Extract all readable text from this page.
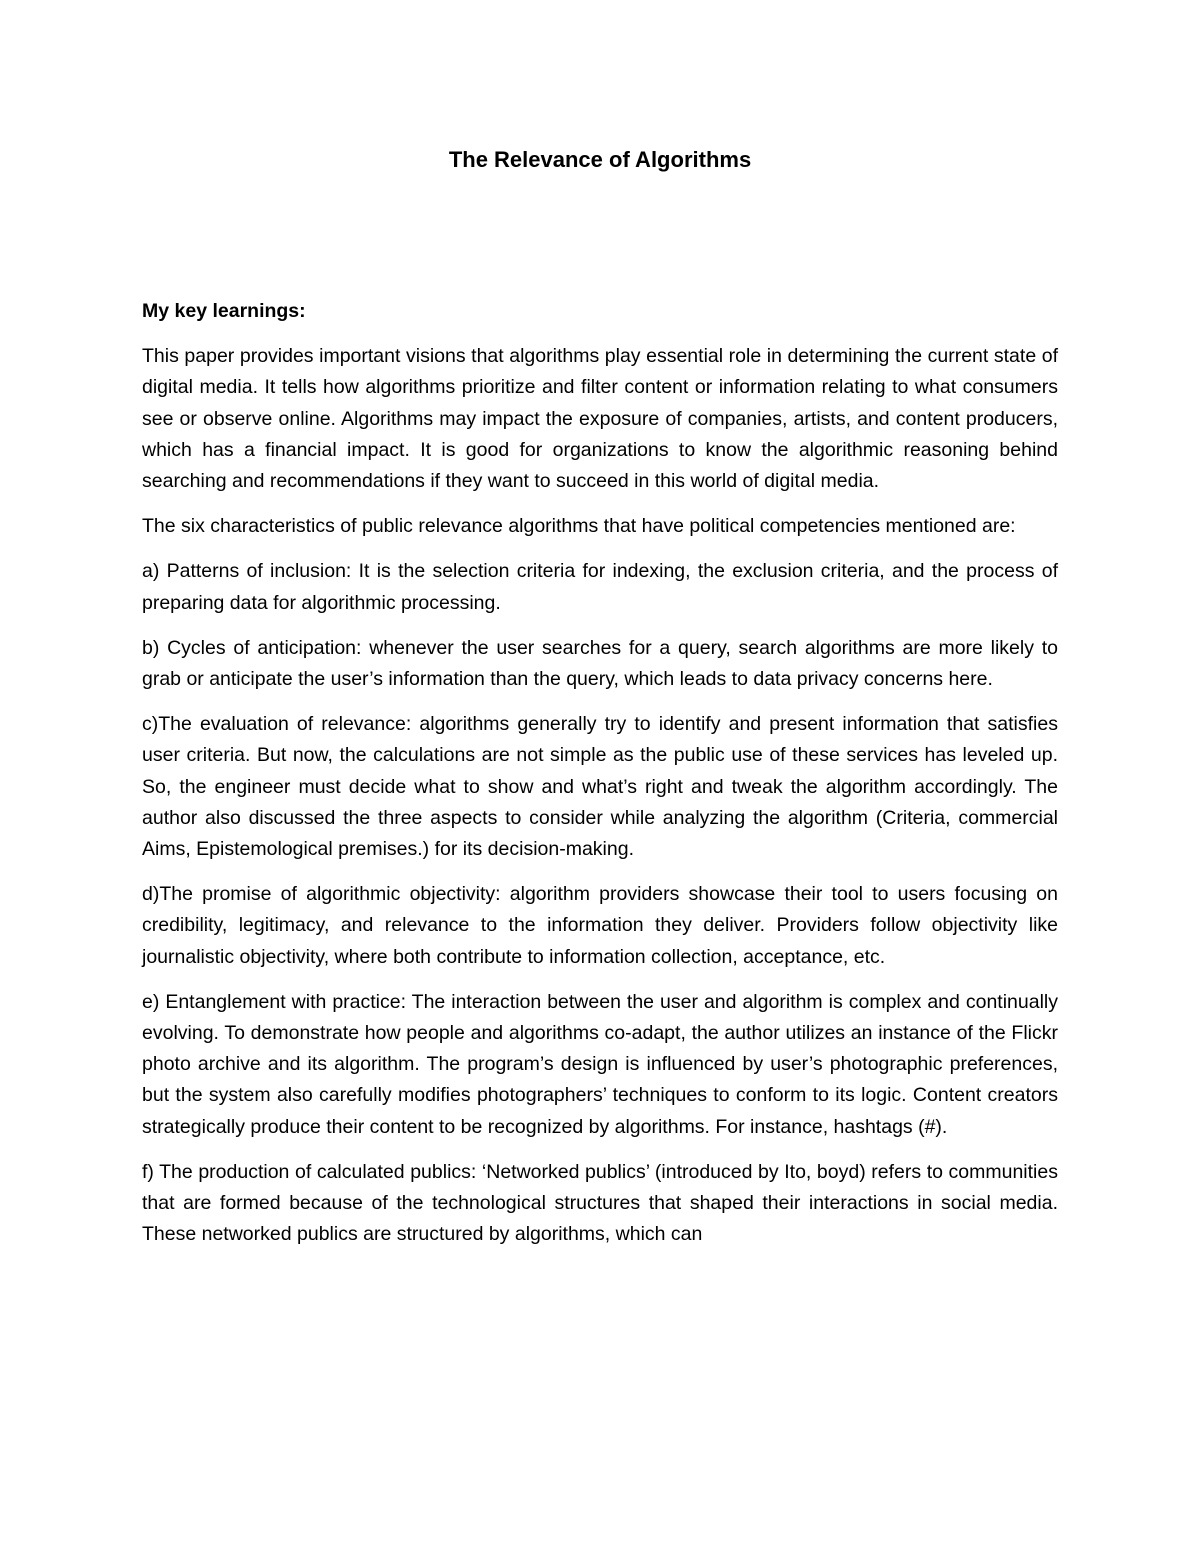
The Relevance of Algorithms

My key learnings:

This paper provides important visions that algorithms play essential role in determining the current state of digital media. It tells how algorithms prioritize and filter content or information relating to what consumers see or observe online. Algorithms may impact the exposure of companies, artists, and content producers, which has a financial impact. It is good for organizations to know the algorithmic reasoning behind searching and recommendations if they want to succeed in this world of digital media.

The six characteristics of public relevance algorithms that have political competencies mentioned are:

a) Patterns of inclusion: It is the selection criteria for indexing, the exclusion criteria, and the process of preparing data for algorithmic processing.

b) Cycles of anticipation: whenever the user searches for a query, search algorithms are more likely to grab or anticipate the user’s information than the query, which leads to data privacy concerns here.

c)The evaluation of relevance: algorithms generally try to identify and present information that satisfies user criteria. But now, the calculations are not simple as the public use of these services has leveled up. So, the engineer must decide what to show and what’s right and tweak the algorithm accordingly. The author also discussed the three aspects to consider while analyzing the algorithm (Criteria, commercial Aims, Epistemological premises.) for its decision-making.

d)The promise of algorithmic objectivity: algorithm providers showcase their tool to users focusing on credibility, legitimacy, and relevance to the information they deliver. Providers follow objectivity like journalistic objectivity, where both contribute to information collection, acceptance, etc.

e) Entanglement with practice: The interaction between the user and algorithm is complex and continually evolving. To demonstrate how people and algorithms co-adapt, the author utilizes an instance of the Flickr photo archive and its algorithm. The program’s design is influenced by user’s photographic preferences, but the system also carefully modifies photographers’ techniques to conform to its logic. Content creators strategically produce their content to be recognized by algorithms. For instance, hashtags (#).

f) The production of calculated publics: ‘Networked publics’ (introduced by Ito, boyd) refers to communities that are formed because of the technological structures that shaped their interactions in social media. These networked publics are structured by algorithms, which can
